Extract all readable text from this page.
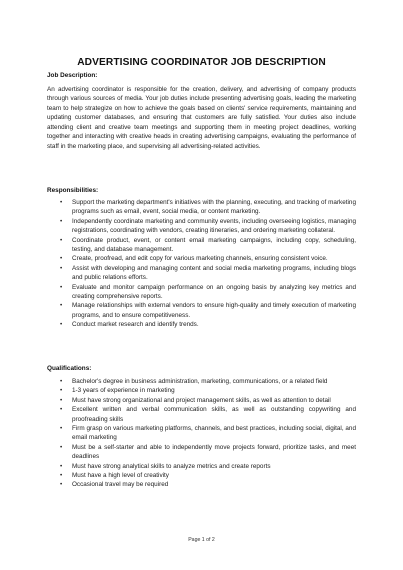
ADVERTISING COORDINATOR JOB DESCRIPTION
Job Description:
An advertising coordinator is responsible for the creation, delivery, and advertising of company products through various sources of media. Your job duties include presenting advertising goals, leading the marketing team to help strategize on how to achieve the goals based on clients' service requirements, maintaining and updating customer databases, and ensuring that customers are fully satisfied. Your duties also include attending client and creative team meetings and supporting them in meeting project deadlines, working together and interacting with creative heads in creating advertising campaigns, evaluating the performance of staff in the marketing place, and supervising all advertising-related activities.
Responsibilities:
• Support the marketing department's initiatives with the planning, executing, and tracking of marketing programs such as email, event, social media, or content marketing.
• Independently coordinate marketing and community events, including overseeing logistics, managing registrations, coordinating with vendors, creating itineraries, and ordering marketing collateral.
• Coordinate product, event, or content email marketing campaigns, including copy, scheduling, testing, and database management.
• Create, proofread, and edit copy for various marketing channels, ensuring consistent voice.
• Assist with developing and managing content and social media marketing programs, including blogs and public relations efforts.
• Evaluate and monitor campaign performance on an ongoing basis by analyzing key metrics and creating comprehensive reports.
• Manage relationships with external vendors to ensure high-quality and timely execution of marketing programs, and to ensure competitiveness.
• Conduct market research and identify trends.
Qualifications:
• Bachelor's degree in business administration, marketing, communications, or a related field
• 1-3 years of experience in marketing
• Must have strong organizational and project management skills, as well as attention to detail
• Excellent written and verbal communication skills, as well as outstanding copywriting and proofreading skills
• Firm grasp on various marketing platforms, channels, and best practices, including social, digital, and email marketing
• Must be a self-starter and able to independently move projects forward, prioritize tasks, and meet deadlines
• Must have strong analytical skills to analyze metrics and create reports
• Must have a high level of creativity
• Occasional travel may be required
Page 1 of 2
